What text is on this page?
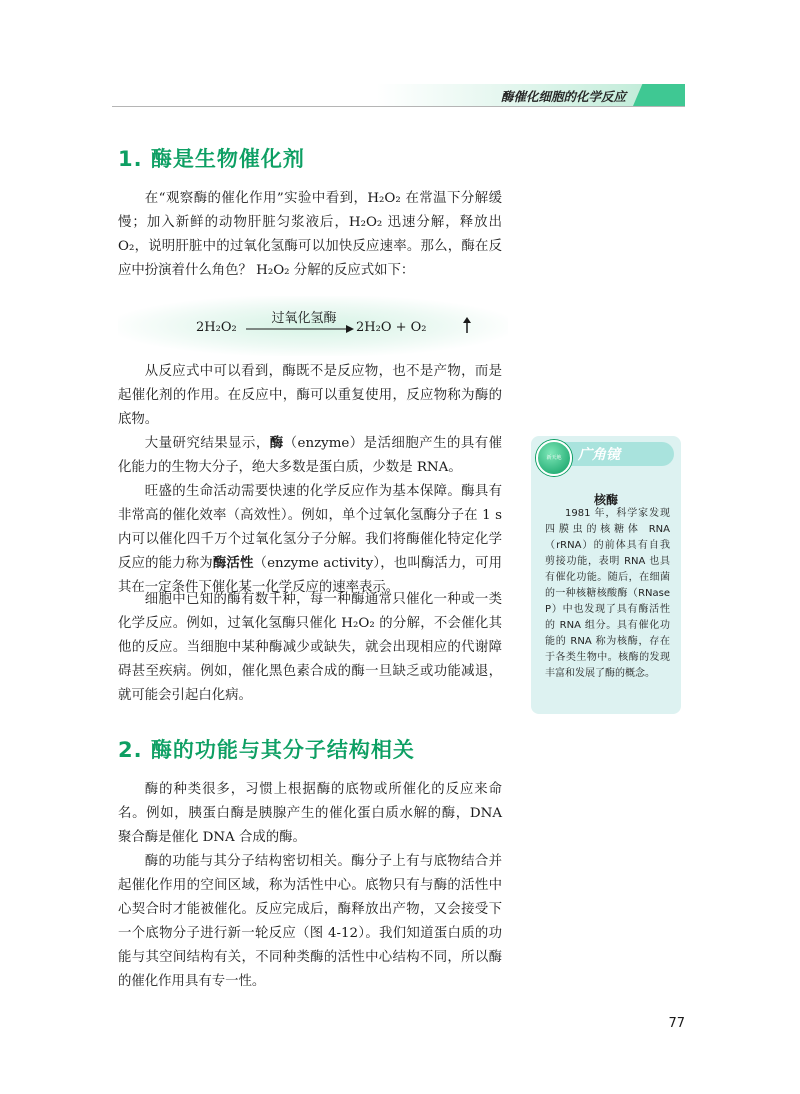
酶催化细胞的化学反应
1. 酶是生物催化剂

在“观察酶的催化作用”实验中看到，H₂O₂ 在常温下分解缓慢；加入新鲜的动物肝脏匀浆液后，H₂O₂ 迅速分解，释放出 O₂，说明肝脏中的过氧化氢酶可以加快反应速率。那么，酶在反应中扮演着什么角色？ H₂O₂ 分解的反应式如下：

2H₂O₂
过氧化氢酶
2H₂O + O₂

从反应式中可以看到，酶既不是反应物，也不是产物，而是起催化剂的作用。在反应中，酶可以重复使用，反应物称为酶的底物。

大量研究结果显示，酶（enzyme）是活细胞产生的具有催化能力的生物大分子，绝大多数是蛋白质，少数是 RNA。

旺盛的生命活动需要快速的化学反应作为基本保障。酶具有非常高的催化效率（高效性）。例如，单个过氧化氢酶分子在 1 s 内可以催化四千万个过氧化氢分子分解。我们将酶催化特定化学反应的能力称为酶活性（enzyme activity），也叫酶活力，可用其在一定条件下催化某一化学反应的速率表示。

细胞中已知的酶有数千种，每一种酶通常只催化一种或一类化学反应。例如，过氧化氢酶只催化 H₂O₂ 的分解，不会催化其他的反应。当细胞中某种酶减少或缺失，就会出现相应的代谢障碍甚至疾病。例如，催化黑色素合成的酶一旦缺乏或功能减退，就可能会引起白化病。

新天地	广角镜
核酶

1981 年，科学家发现四膜虫的核糖体 RNA（rRNA）的前体具有自我剪接功能，表明 RNA 也具有催化功能。随后，在细菌的一种核糖核酸酶（RNase P）中也发现了具有酶活性的 RNA 组分。具有催化功能的 RNA 称为核酶，存在于各类生物中。核酶的发现丰富和发展了酶的概念。

2. 酶的功能与其分子结构相关

酶的种类很多，习惯上根据酶的底物或所催化的反应来命名。例如，胰蛋白酶是胰腺产生的催化蛋白质水解的酶，DNA 聚合酶是催化 DNA 合成的酶。

酶的功能与其分子结构密切相关。酶分子上有与底物结合并起催化作用的空间区域，称为活性中心。底物只有与酶的活性中心契合时才能被催化。反应完成后，酶释放出产物，又会接受下一个底物分子进行新一轮反应（图 4-12）。我们知道蛋白质的功能与其空间结构有关，不同种类酶的活性中心结构不同，所以酶的催化作用具有专一性。

77
